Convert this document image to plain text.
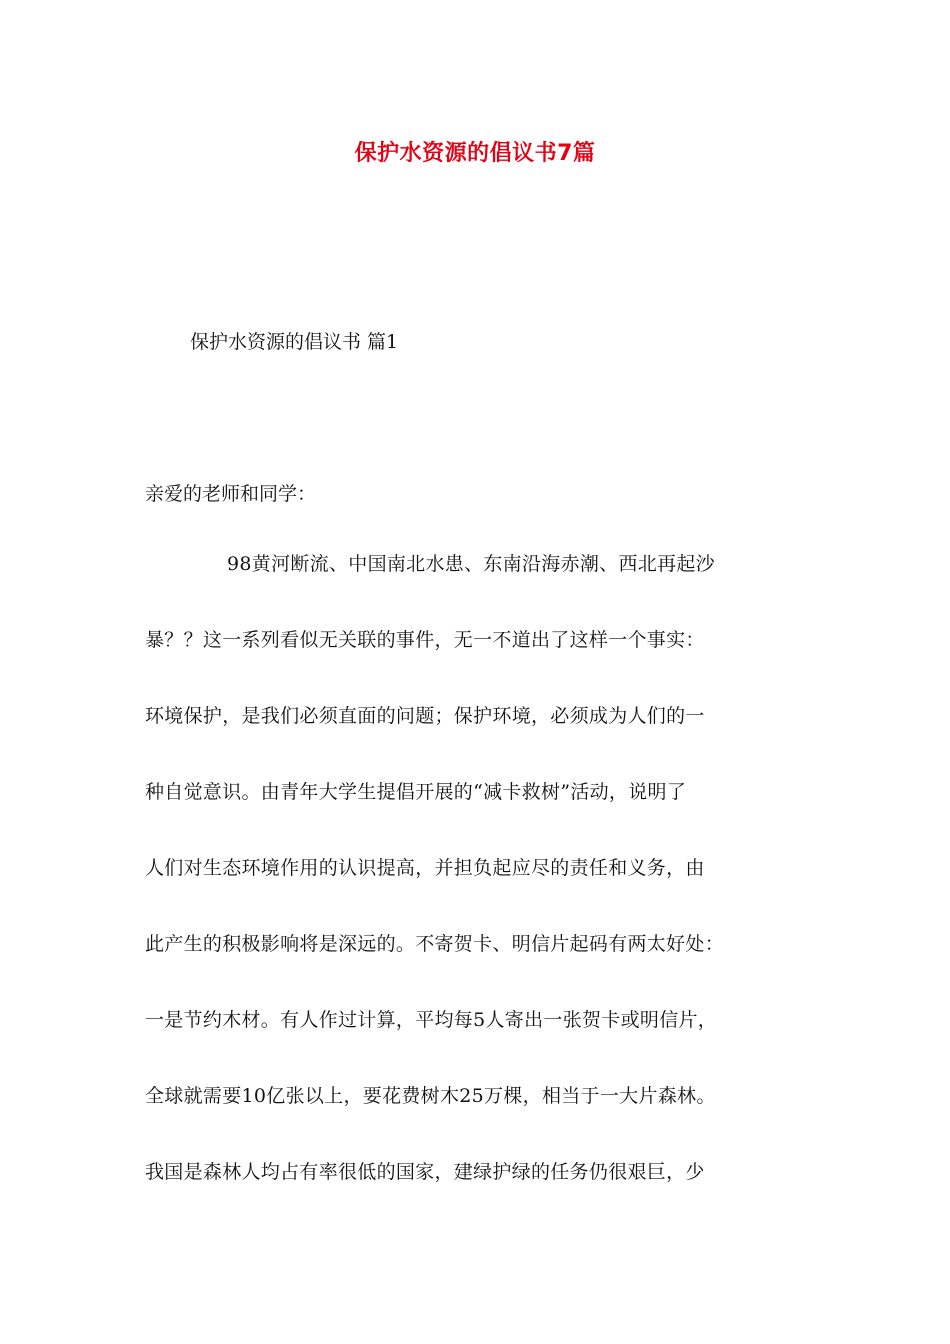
保护水资源的倡议书7篇
保护水资源的倡议书 篇1
亲爱的老师和同学：
98黄河断流、中国南北水患、东南沿海赤潮、西北再起沙
暴？？这一系列看似无关联的事件，无一不道出了这样一个事实：
环境保护，是我们必须直面的问题；保护环境，必须成为人们的一
种自觉意识。由青年大学生提倡开展的“减卡救树”活动，说明了
人们对生态环境作用的认识提高，并担负起应尽的责任和义务，由
此产生的积极影响将是深远的。不寄贺卡、明信片起码有两太好处：
一是节约木材。有人作过计算，平均每5人寄出一张贺卡或明信片，
全球就需要10亿张以上，要花费树木25万棵，相当于一大片森林。
我国是森林人均占有率很低的国家，建绿护绿的任务仍很艰巨，少
